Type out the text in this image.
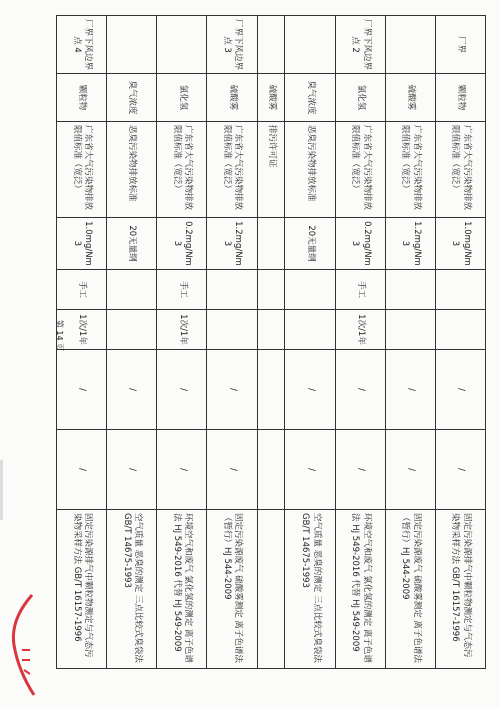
厂界	颗粒物	广东省大气污染物排放限值标准（宽泛）	1.0mg/Nm3			/	/	固定污染源排气中颗粒物测定与气态污染物采样方法 GB/T 16157-1996
	硫酸雾	广东省大气污染物排放限值标准（宽泛）	1.2mg/Nm3			/	/	固定污染源废气 硫酸雾测定 离子色谱法（暂行）HJ 544-2009
厂界下风边界点 2	氯化氢	广东省大气污染物排放限值标准（宽泛）	0.2mg/Nm3	手工	1次/1年	/	/	环境空气和废气 氯化氢的测定 离子色谱法 HJ 549-2016 代替 HJ 549-2009
	臭气浓度	恶臭污染物排放标准	20无量纲			/	/	空气质量 恶臭的测定 三点比较式臭袋法 GB/T 14675-1993
	硫酸雾	排污许可证						
厂界下风边界点 3	硫酸雾	广东省大气污染物排放限值标准（宽泛）	1.2mg/Nm3			/	/	固定污染源废气 硫酸雾测定 离子色谱法（暂行）HJ 544-2009
	氯化氢	广东省大气污染物排放限值标准（宽泛）	0.2mg/Nm3	手工	1次/1年	/	/	环境空气和废气 氯化氢的测定 离子色谱法 HJ 549-2016 代替 HJ 549-2009
	臭气浓度	恶臭污染物排放标准	20无量纲			/	/	空气质量 恶臭的测定 三点比较式臭袋法 GB/T 14675-1993
厂界下风边界点 4	颗粒物	广东省大气污染物排放限值标准（宽泛）	1.0mg/Nm3	手工	1次/1年	/	/	固定污染源排气中颗粒物测定与气态污染物采样方法 GB/T 16157-1996
第 14 页
